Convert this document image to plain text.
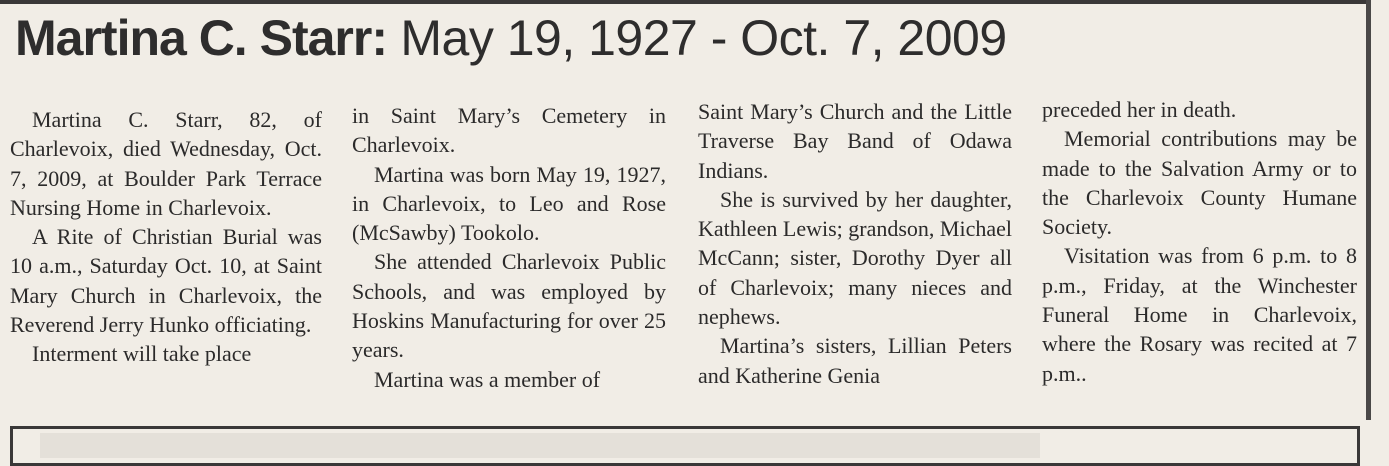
Martina C. Starr: May 19, 1927 - Oct. 7, 2009

Martina C. Starr, 82, of Charlevoix, died Wednesday, Oct. 7, 2009, at Boulder Park Terrace Nursing Home in Charlevoix.

A Rite of Christian Burial was 10 a.m., Saturday Oct. 10, at Saint Mary Church in Charlevoix, the Reverend Jerry Hunko officiating.

Interment will take place

in Saint Mary’s Cemetery in Charlevoix.

Martina was born May 19, 1927, in Charlevoix, to Leo and Rose (McSawby) Tookolo.

She attended Charlevoix Public Schools, and was employed by Hoskins Manufacturing for over 25 years.

Martina was a member of

Saint Mary’s Church and the Little Traverse Bay Band of Odawa Indians.

She is survived by her daughter, Kathleen Lewis; grandson, Michael McCann; sister, Dorothy Dyer all of Charlevoix; many nieces and nephews.

Martina’s sisters, Lillian Peters and Katherine Genia

preceded her in death.

Memorial contributions may be made to the Salvation Army or to the Charlevoix County Humane Society.

Visitation was from 6 p.m. to 8 p.m., Friday, at the Winchester Funeral Home in Charlevoix, where the Rosary was recited at 7 p.m..
